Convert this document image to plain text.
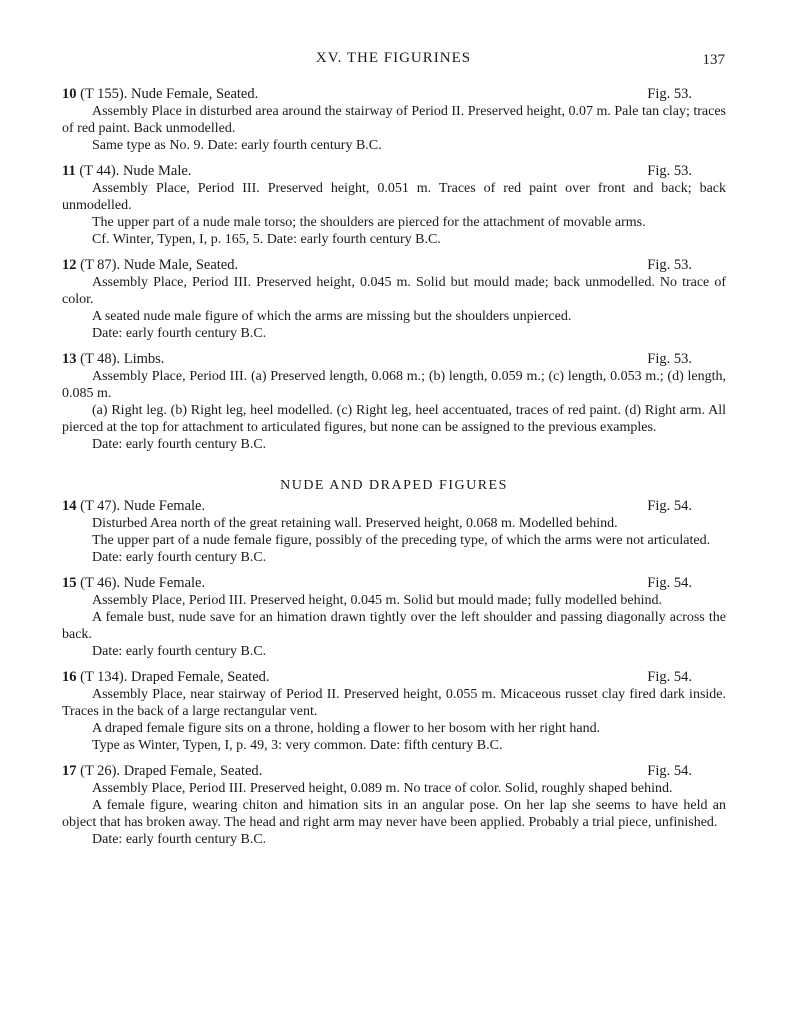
XV. THE FIGURINES	137
10 (T 155). Nude Female, Seated.	Fig. 53.
Assembly Place in disturbed area around the stairway of Period II. Preserved height, 0.07 m. Pale tan clay; traces of red paint. Back unmodelled.
Same type as No. 9. Date: early fourth century B.C.
11 (T 44). Nude Male.	Fig. 53.
Assembly Place, Period III. Preserved height, 0.051 m. Traces of red paint over front and back; back unmodelled.
The upper part of a nude male torso; the shoulders are pierced for the attachment of movable arms.
Cf. Winter, Typen, I, p. 165, 5. Date: early fourth century B.C.
12 (T 87). Nude Male, Seated.	Fig. 53.
Assembly Place, Period III. Preserved height, 0.045 m. Solid but mould made; back unmodelled. No trace of color.
A seated nude male figure of which the arms are missing but the shoulders unpierced.
Date: early fourth century B.C.
13 (T 48). Limbs.	Fig. 53.
Assembly Place, Period III. (a) Preserved length, 0.068 m.; (b) length, 0.059 m.; (c) length, 0.053 m.; (d) length, 0.085 m.
(a) Right leg. (b) Right leg, heel modelled. (c) Right leg, heel accentuated, traces of red paint. (d) Right arm. All pierced at the top for attachment to articulated figures, but none can be assigned to the previous examples.
Date: early fourth century B.C.
NUDE AND DRAPED FIGURES
14 (T 47). Nude Female.	Fig. 54.
Disturbed Area north of the great retaining wall. Preserved height, 0.068 m. Modelled behind.
The upper part of a nude female figure, possibly of the preceding type, of which the arms were not articulated.
Date: early fourth century B.C.
15 (T 46). Nude Female.	Fig. 54.
Assembly Place, Period III. Preserved height, 0.045 m. Solid but mould made; fully modelled behind.
A female bust, nude save for an himation drawn tightly over the left shoulder and passing diagonally across the back.
Date: early fourth century B.C.
16 (T 134). Draped Female, Seated.	Fig. 54.
Assembly Place, near stairway of Period II. Preserved height, 0.055 m. Micaceous russet clay fired dark inside. Traces in the back of a large rectangular vent.
A draped female figure sits on a throne, holding a flower to her bosom with her right hand.
Type as Winter, Typen, I, p. 49, 3: very common. Date: fifth century B.C.
17 (T 26). Draped Female, Seated.	Fig. 54.
Assembly Place, Period III. Preserved height, 0.089 m. No trace of color. Solid, roughly shaped behind.
A female figure, wearing chiton and himation sits in an angular pose. On her lap she seems to have held an object that has broken away. The head and right arm may never have been applied. Probably a trial piece, unfinished.
Date: early fourth century B.C.
